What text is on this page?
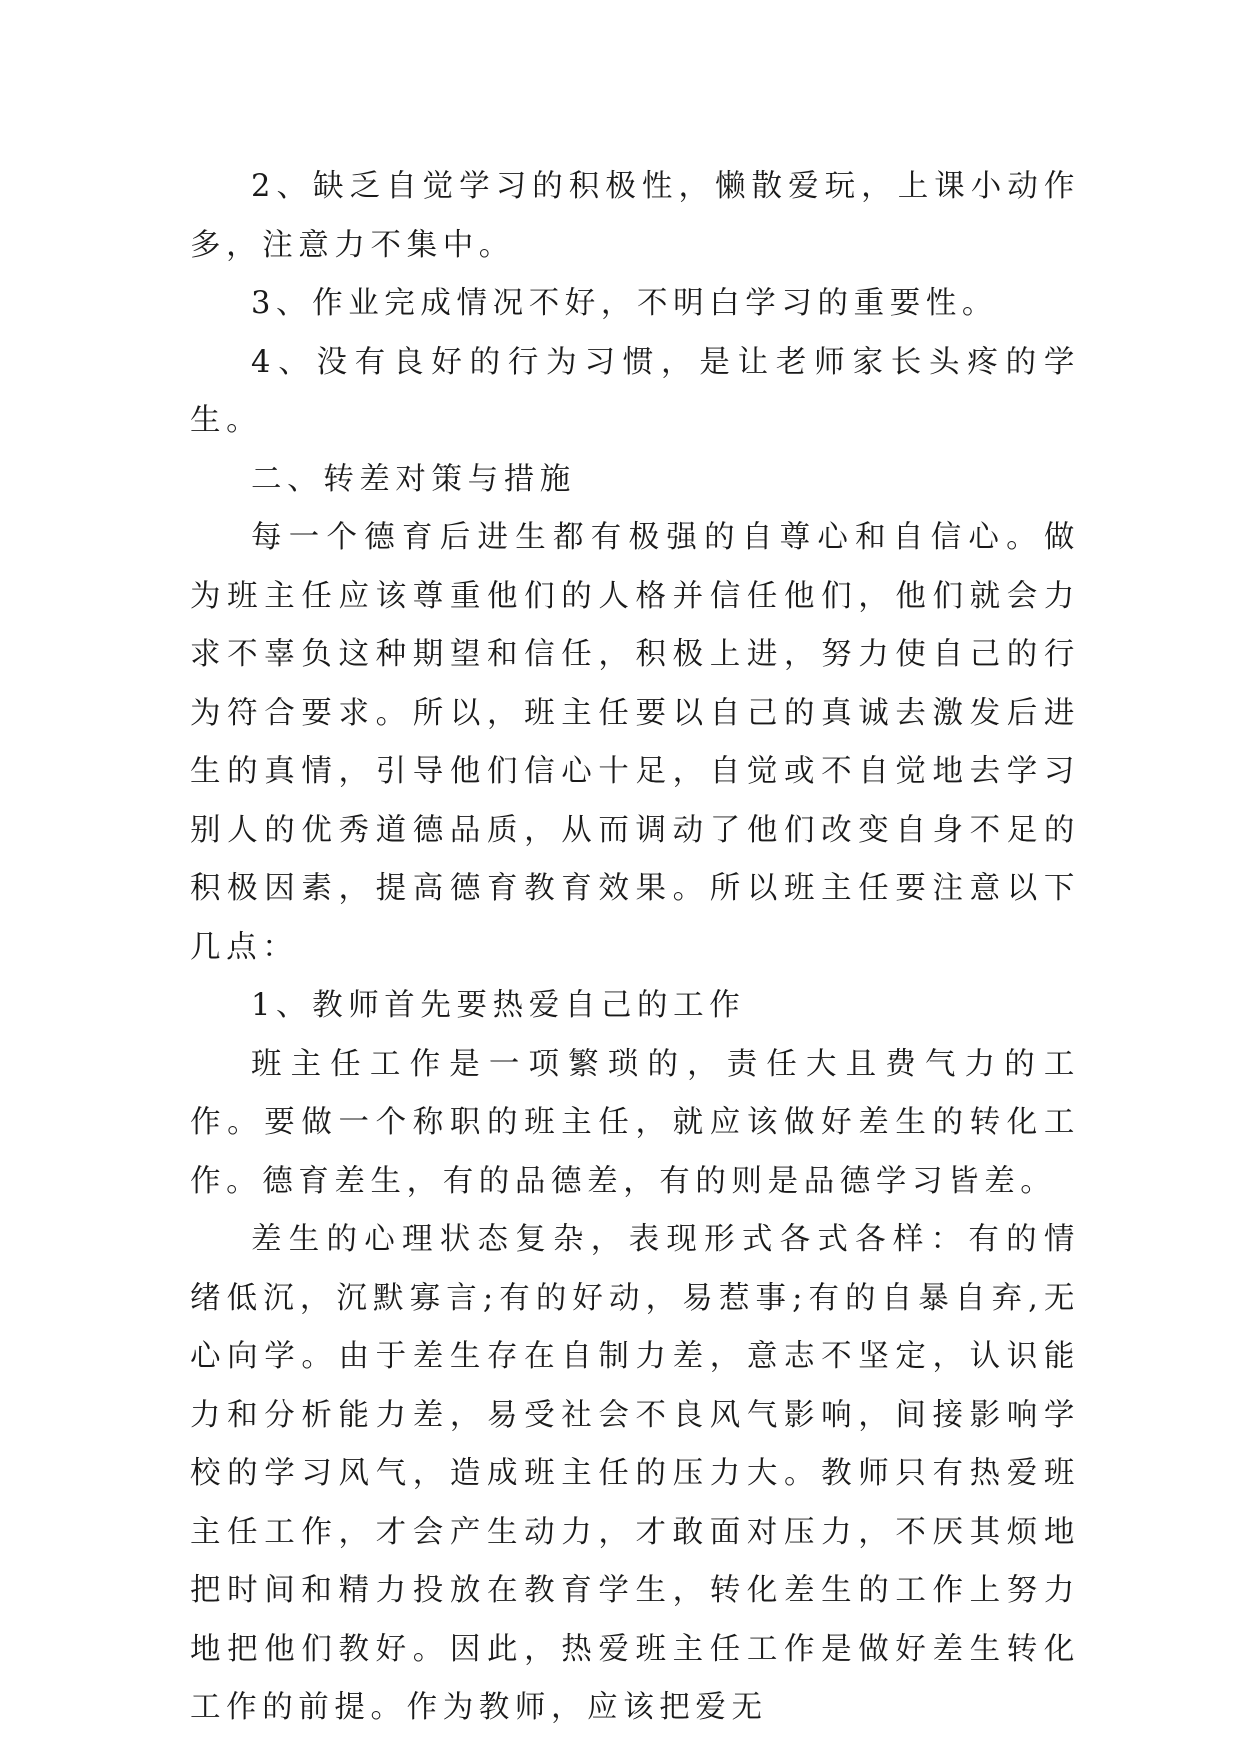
2、缺乏自觉学习的积极性，懒散爱玩，上课小动作多，注意力不集中。

3、作业完成情况不好，不明白学习的重要性。

4、没有良好的行为习惯，是让老师家长头疼的学生。

二、转差对策与措施

每一个德育后进生都有极强的自尊心和自信心。做为班主任应该尊重他们的人格并信任他们，他们就会力求不辜负这种期望和信任，积极上进，努力使自己的行为符合要求。所以，班主任要以自己的真诚去激发后进生的真情，引导他们信心十足，自觉或不自觉地去学习别人的优秀道德品质，从而调动了他们改变自身不足的积极因素，提高德育教育效果。所以班主任要注意以下几点：

1、教师首先要热爱自己的工作

班主任工作是一项繁琐的，责任大且费气力的工作。要做一个称职的班主任，就应该做好差生的转化工作。德育差生，有的品德差，有的则是品德学习皆差。

差生的心理状态复杂，表现形式各式各样：有的情绪低沉，沉默寡言;有的好动，易惹事;有的自暴自弃,无心向学。由于差生存在自制力差，意志不坚定，认识能力和分析能力差，易受社会不良风气影响，间接影响学校的学习风气，造成班主任的压力大。教师只有热爱班主任工作，才会产生动力，才敢面对压力，不厌其烦地把时间和精力投放在教育学生，转化差生的工作上努力地把他们教好。因此，热爱班主任工作是做好差生转化工作的前提。作为教师，应该把爱无
